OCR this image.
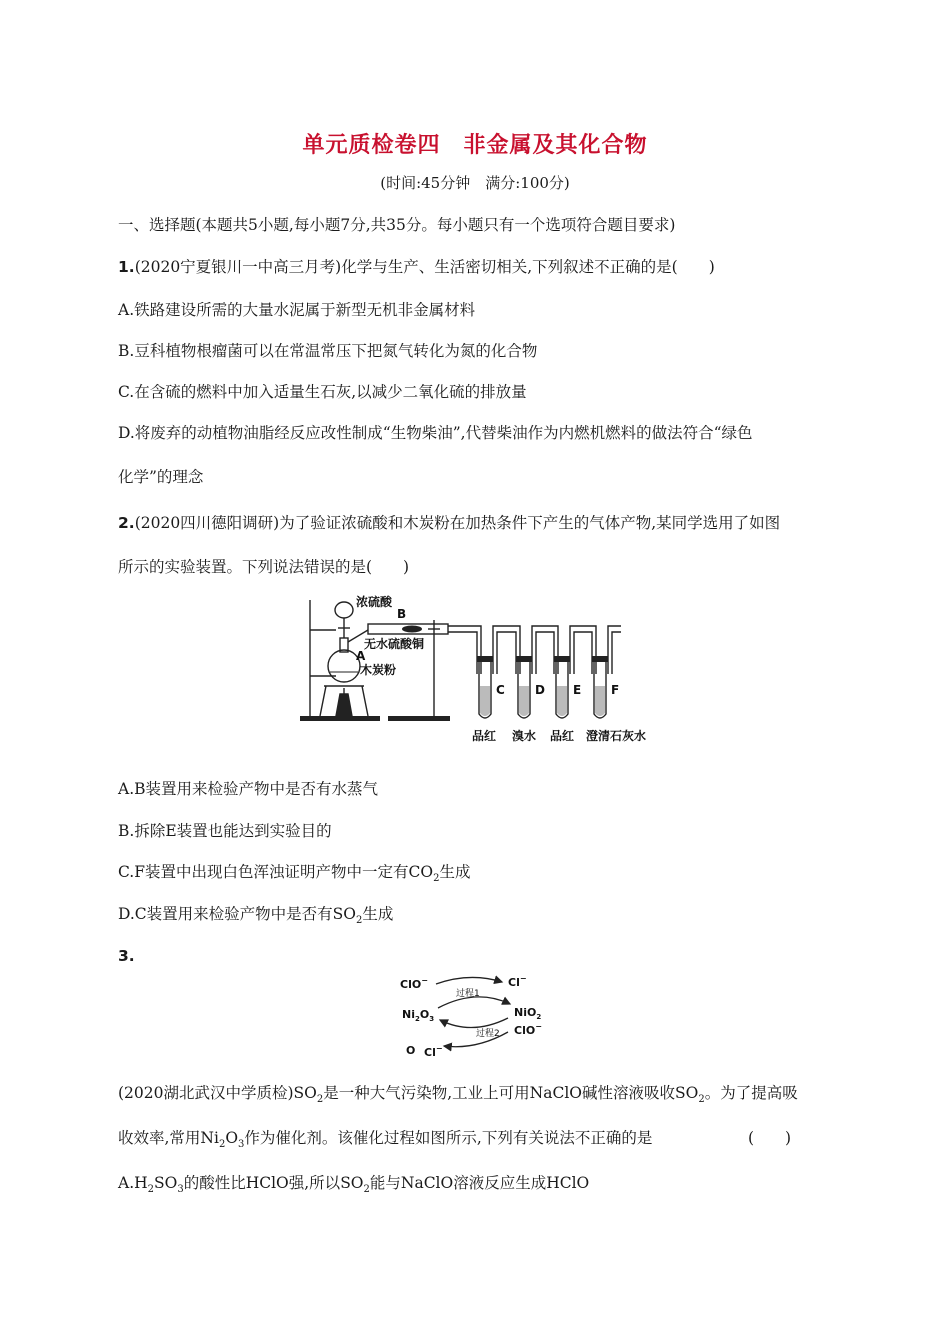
单元质检卷四　非金属及其化合物
(时间:45分钟　满分:100分)
一、选择题(本题共5小题,每小题7分,共35分。每小题只有一个选项符合题目要求)
1.(2020宁夏银川一中高三月考)化学与生产、生活密切相关,下列叙述不正确的是(　　)
A.铁路建设所需的大量水泥属于新型无机非金属材料
B.豆科植物根瘤菌可以在常温常压下把氮气转化为氮的化合物
C.在含硫的燃料中加入适量生石灰,以减少二氧化硫的排放量
D.将废弃的动植物油脂经反应改性制成“生物柴油”,代替柴油作为内燃机燃料的做法符合“绿色
化学”的理念
2.(2020四川德阳调研)为了验证浓硫酸和木炭粉在加热条件下产生的气体产物,某同学选用了如图
所示的实验装置。下列说法错误的是(　　)
浓硫酸
B
无水硫酸铜
A
木炭粉
C	D E F
品红 溴水 品红 澄清石灰水
A.B装置用来检验产物中是否有水蒸气
B.拆除E装置也能达到实验目的
C.F装置中出现白色浑浊证明产物中一定有$CO_2$生成
D.C装置用来检验产物中是否有$SO_2$生成
3.
ClO−	Cl−
过程1
$Ni_2O_3$	NiO$_2$
过程2 ClO−
O Cl−
(2020湖北武汉中学质检)$SO_2$是一种大气污染物,工业上可用NaClO碱性溶液吸收$SO_2$。为了提高吸
收效率,常用$Ni_2O_3$作为催化剂。该催化过程如图所示,下列有关说法不正确的是	(　　)
$A.H_2SO_3$的酸性比HClO强,所以$SO_2$能与NaClO溶液反应生成HClO
